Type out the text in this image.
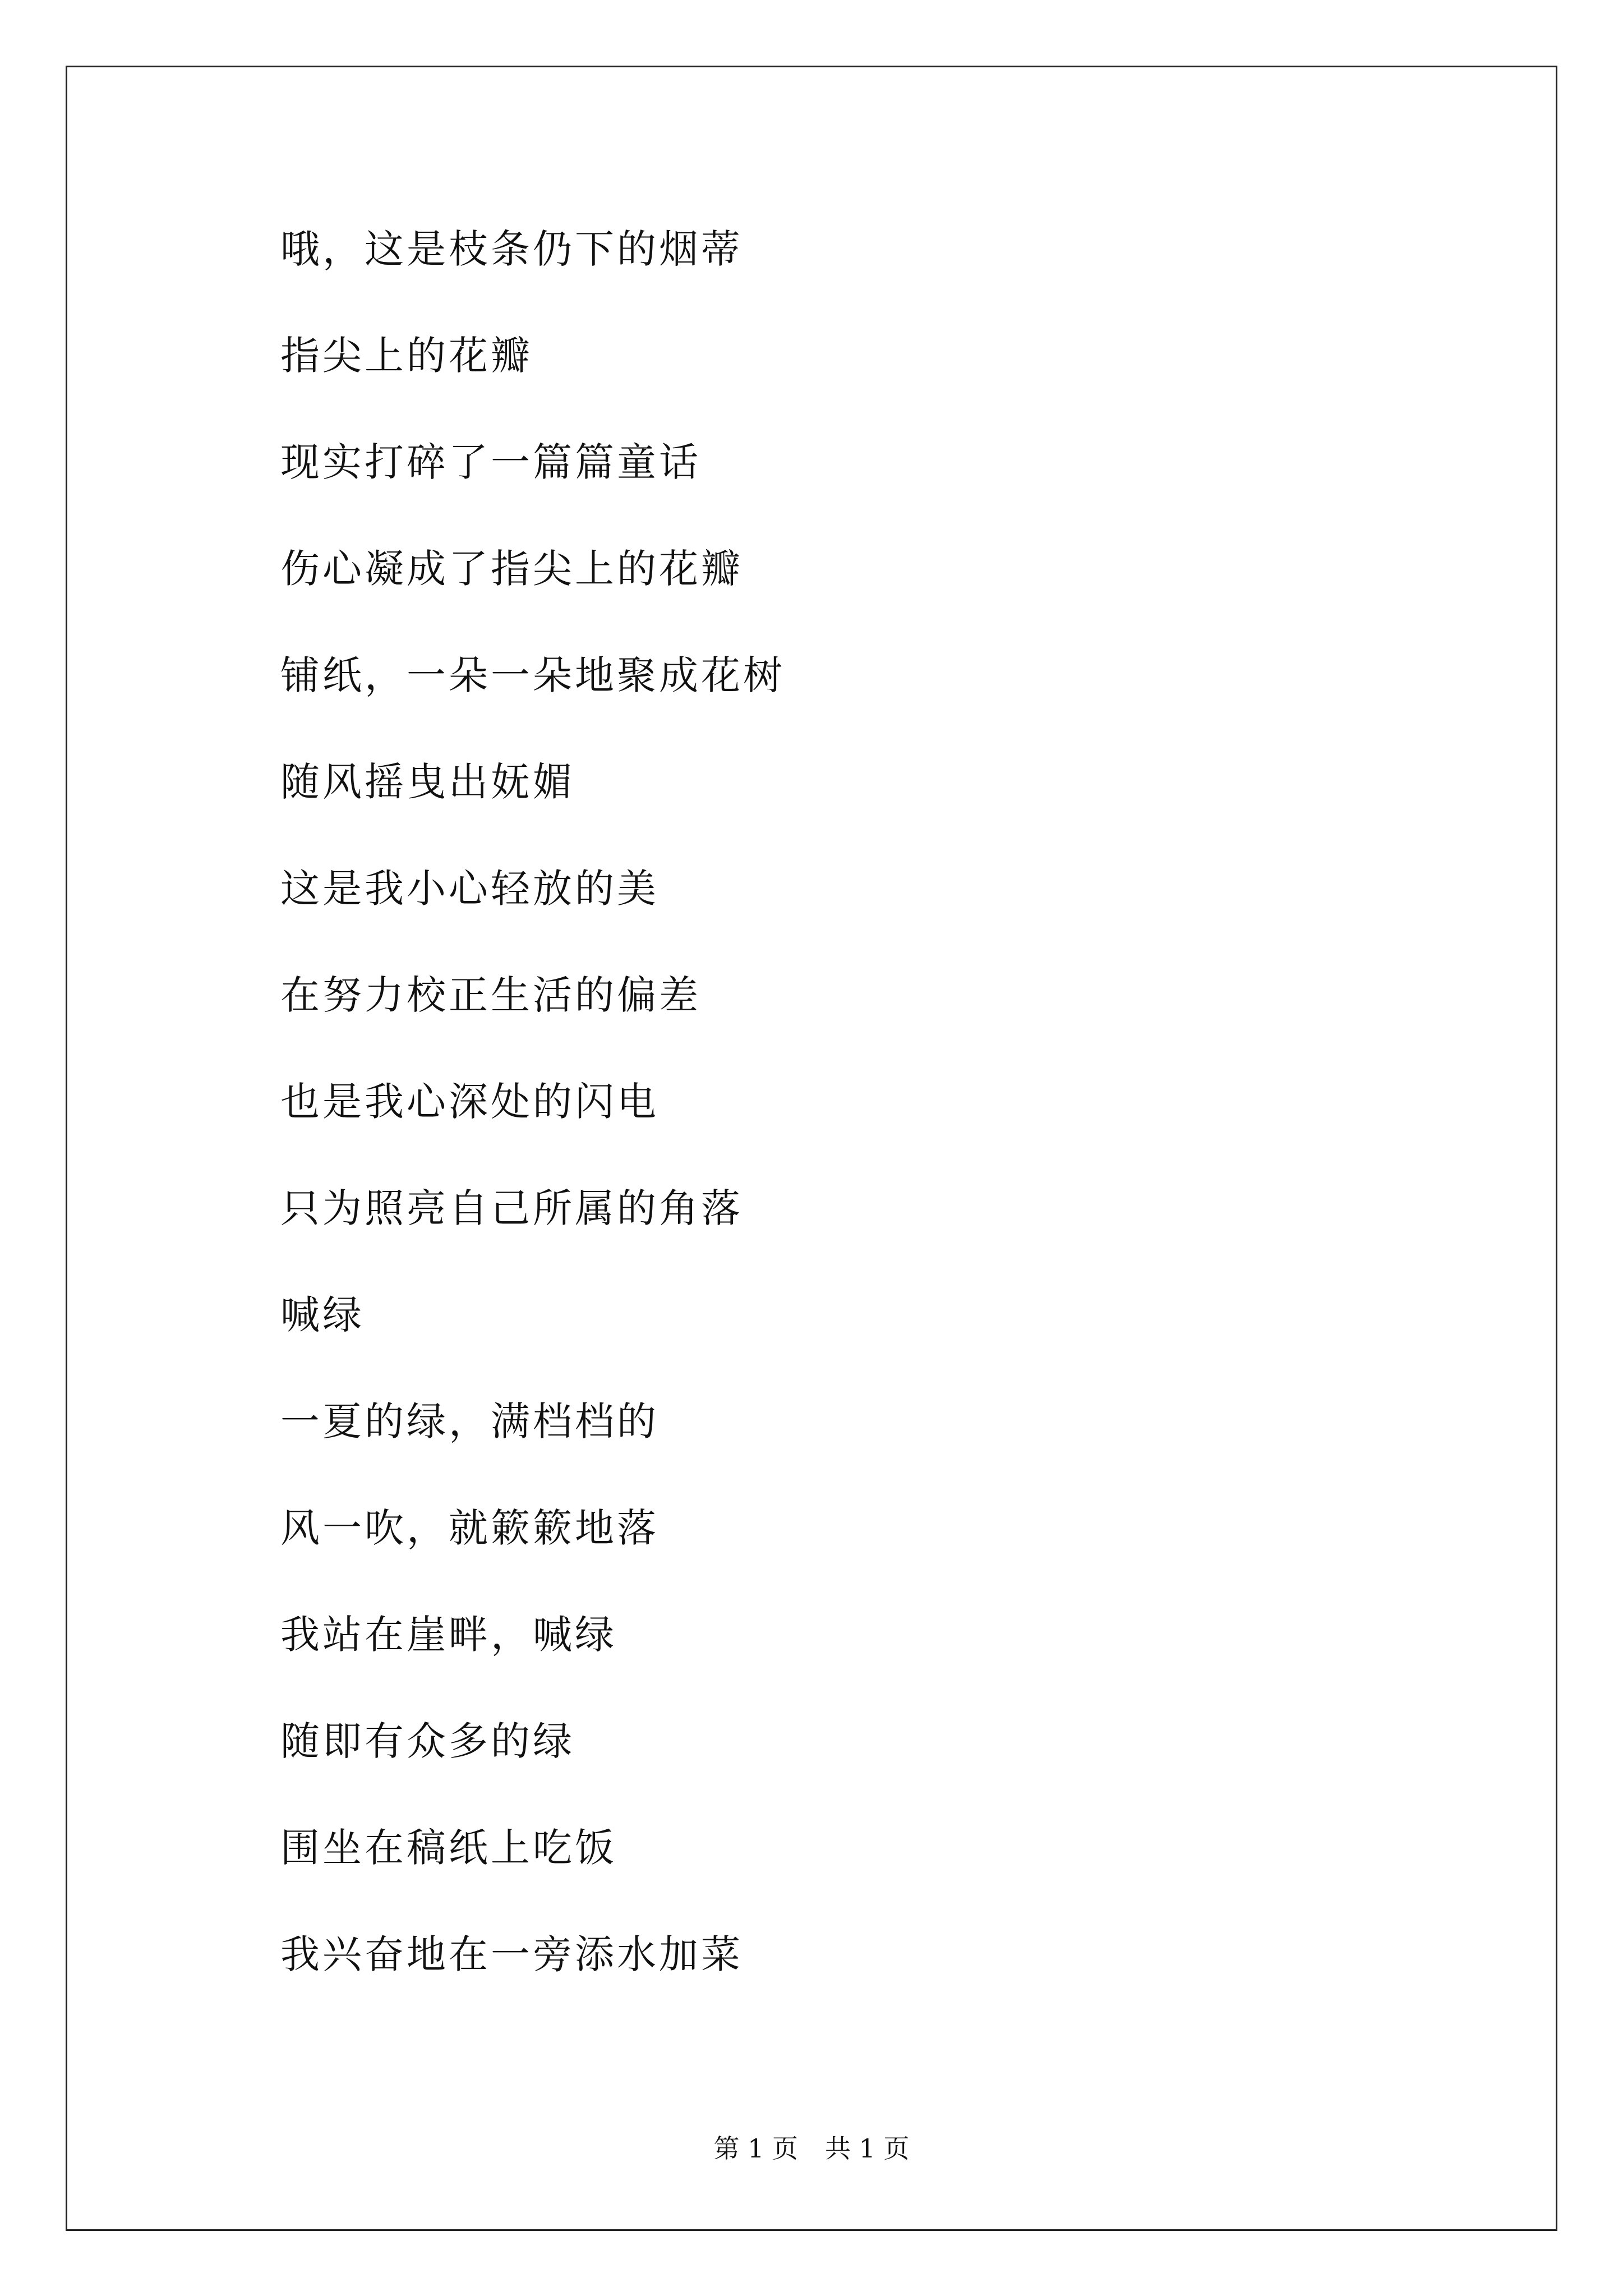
哦，这是枝条仍下的烟蒂
指尖上的花瓣
现实打碎了一篇篇童话
伤心凝成了指尖上的花瓣
铺纸，一朵一朵地聚成花树
随风摇曳出妩媚
这是我小心轻放的美
在努力校正生活的偏差
也是我心深处的闪电
只为照亮自己所属的角落
喊绿
一夏的绿，满档档的
风一吹，就簌簌地落
我站在崖畔，喊绿
随即有众多的绿
围坐在稿纸上吃饭
我兴奋地在一旁添水加菜
第 1 页 共 1 页
